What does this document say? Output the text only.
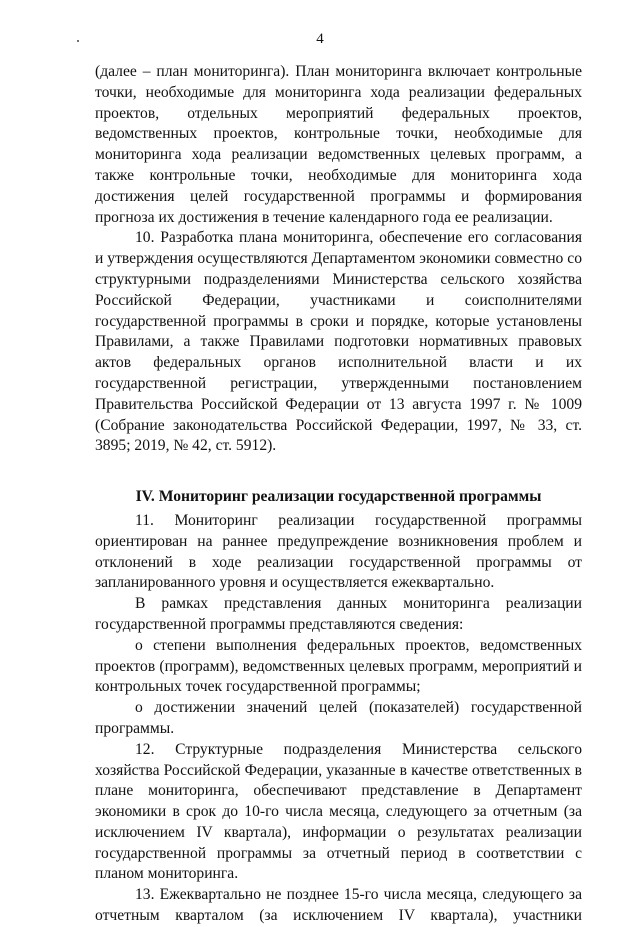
4

(далее – план мониторинга). План мониторинга включает контрольные точки, необходимые для мониторинга хода реализации федеральных проектов, отдельных мероприятий федеральных проектов, ведомственных проектов, контрольные точки, необходимые для мониторинга хода реализации ведомственных целевых программ, а также контрольные точки, необходимые для мониторинга хода достижения целей государственной программы и формирования прогноза их достижения в течение календарного года ее реализации.

10. Разработка плана мониторинга, обеспечение его согласования и утверждения осуществляются Департаментом экономики совместно со структурными подразделениями Министерства сельского хозяйства Российской Федерации, участниками и соисполнителями государственной программы в сроки и порядке, которые установлены Правилами, а также Правилами подготовки нормативных правовых актов федеральных органов исполнительной власти и их государственной регистрации, утвержденными постановлением Правительства Российской Федерации от 13 августа 1997 г. № 1009 (Собрание законодательства Российской Федерации, 1997, № 33, ст. 3895; 2019, № 42, ст. 5912).

IV. Мониторинг реализации государственной программы

11. Мониторинг реализации государственной программы ориентирован на раннее предупреждение возникновения проблем и отклонений в ходе реализации государственной программы от запланированного уровня и осуществляется ежеквартально.

В рамках представления данных мониторинга реализации государственной программы представляются сведения:

о степени выполнения федеральных проектов, ведомственных проектов (программ), ведомственных целевых программ, мероприятий и контрольных точек государственной программы;

о достижении значений целей (показателей) государственной программы.

12. Структурные подразделения Министерства сельского хозяйства Российской Федерации, указанные в качестве ответственных в плане мониторинга, обеспечивают представление в Департамент экономики в срок до 10-го числа месяца, следующего за отчетным (за исключением IV квартала), информации о результатах реализации государственной программы за отчетный период в соответствии с планом мониторинга.

13. Ежеквартально не позднее 15-го числа месяца, следующего за отчетным кварталом (за исключением IV квартала), участники
